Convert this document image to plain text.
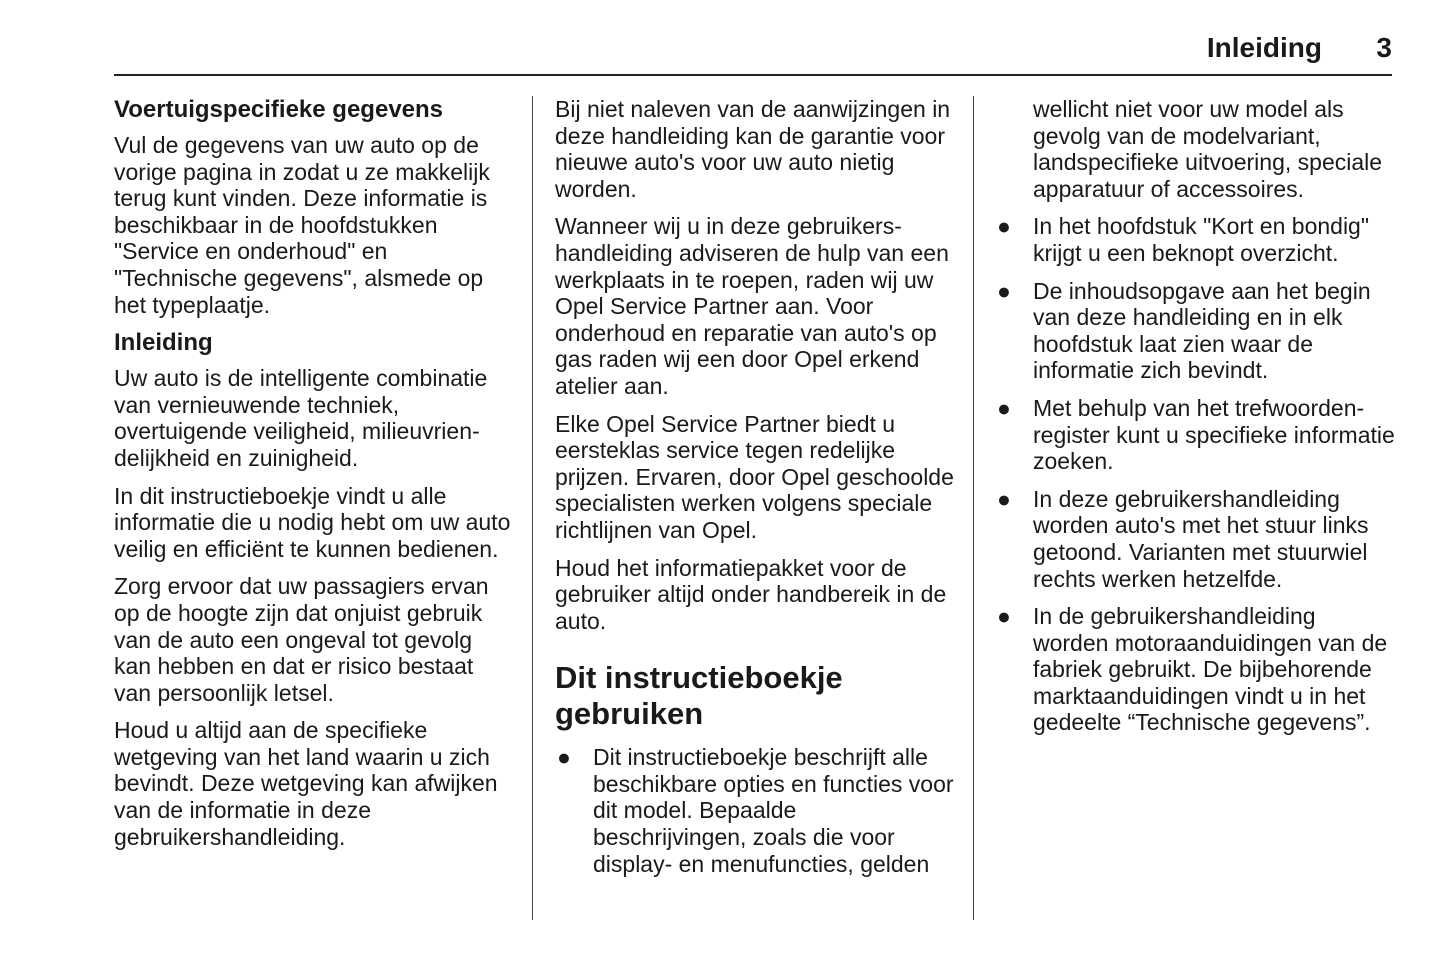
Inleiding 3
Voertuigspecifieke gegevens

Vul de gegevens van uw auto op de vorige pagina in zodat u ze makkelijk terug kunt vinden. Deze informatie is beschikbaar in de hoofdstukken "Service en onderhoud" en "Technische gegevens", alsmede op het typeplaatje.

Inleiding

Uw auto is de intelligente combinatie van vernieuwende techniek, overtuigende veiligheid, milieuvriendelijkheid en zuinigheid.

In dit instructieboekje vindt u alle informatie die u nodig hebt om uw auto veilig en efficiënt te kunnen bedienen.

Zorg ervoor dat uw passagiers ervan op de hoogte zijn dat onjuist gebruik van de auto een ongeval tot gevolg kan hebben en dat er risico bestaat van persoonlijk letsel.

Houd u altijd aan de specifieke wetgeving van het land waarin u zich bevindt. Deze wetgeving kan afwijken van de informatie in deze gebruikershandleiding.

Bij niet naleven van de aanwijzingen in deze handleiding kan de garantie voor nieuwe auto's voor uw auto nietig worden.

Wanneer wij u in deze gebruikershandleiding adviseren de hulp van een werkplaats in te roepen, raden wij uw Opel Service Partner aan. Voor onderhoud en reparatie van auto's op gas raden wij een door Opel erkend atelier aan.

Elke Opel Service Partner biedt u eersteklas service tegen redelijke prijzen. Ervaren, door Opel geschoolde specialisten werken volgens speciale richtlijnen van Opel.

Houd het informatiepakket voor de gebruiker altijd onder handbereik in de auto.

Dit instructieboekje gebruiken
● Dit instructieboekje beschrijft alle beschikbare opties en functies voor dit model. Bepaalde beschrijvingen, zoals die voor display- en menufuncties, gelden
wellicht niet voor uw model als gevolg van de modelvariant, landspecifieke uitvoering, speciale apparatuur of accessoires.
● In het hoofdstuk "Kort en bondig" krijgt u een beknopt overzicht.
● De inhoudsopgave aan het begin van deze handleiding en in elk hoofdstuk laat zien waar de informatie zich bevindt.
● Met behulp van het trefwoordenregister kunt u specifieke informatie zoeken.
● In deze gebruikershandleiding worden auto's met het stuur links getoond. Varianten met stuurwiel rechts werken hetzelfde.
● In de gebruikershandleiding worden motoraanduidingen van de fabriek gebruikt. De bijbehorende marktaanduidingen vindt u in het gedeelte “Technische gegevens”.
